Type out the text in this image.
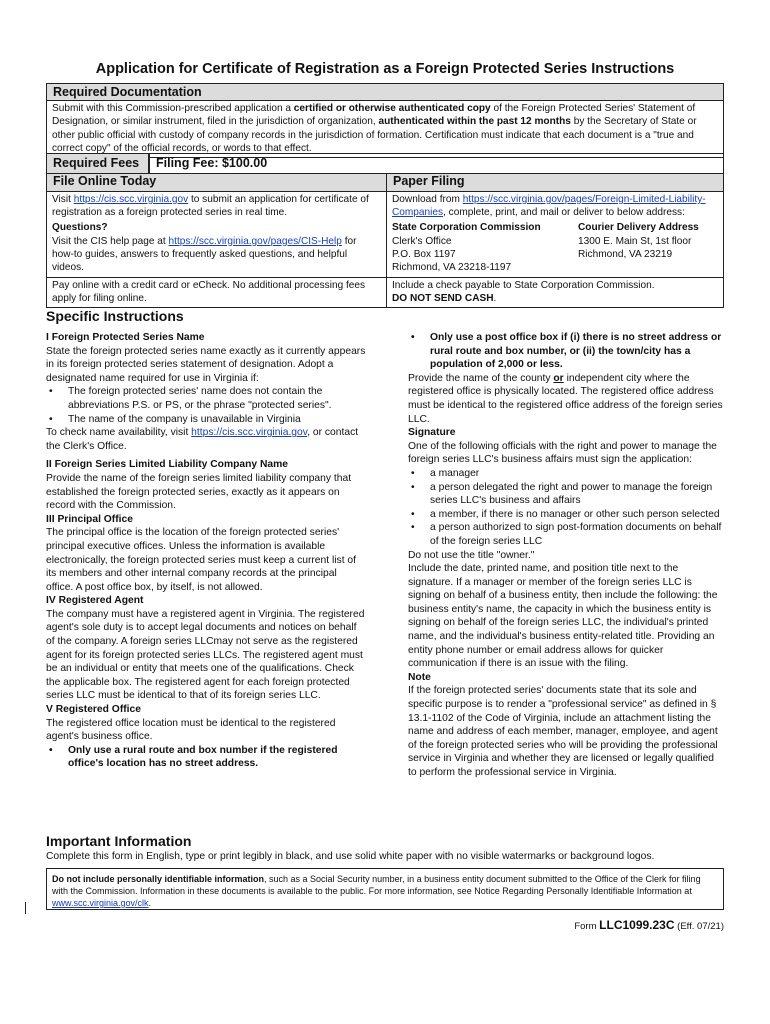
Application for Certificate of Registration as a Foreign Protected Series Instructions
Required Documentation
Submit with this Commission-prescribed application a certified or otherwise authenticated copy of the Foreign Protected Series' Statement of Designation, or similar instrument, filed in the jurisdiction of organization, authenticated within the past 12 months by the Secretary of State or other public official with custody of company records in the jurisdiction of formation. Certification must indicate that each document is a "true and correct copy" of the official records, or words to that effect.
Required Fees	Filing Fee: $100.00
File Online Today
Visit https://cis.scc.virginia.gov to submit an application for certificate of registration as a foreign protected series in real time.
Questions?
Visit the CIS help page at https://scc.virginia.gov/pages/CIS-Help for how-to guides, answers to frequently asked questions, and helpful videos.
Pay online with a credit card or eCheck. No additional processing fees apply for filing online.
Paper Filing
Download from https://scc.virginia.gov/pages/Foreign-Limited-Liability-Companies, complete, print, and mail or deliver to below address:
State Corporation Commission	Courier Delivery Address
Clerk's Office	1300 E. Main St, 1st floor
P.O. Box 1197	Richmond, VA 23219
Richmond, VA 23218-1197
Include a check payable to State Corporation Commission.
DO NOT SEND CASH.
Specific Instructions

I Foreign Protected Series Name

State the foreign protected series name exactly as it currently appears in its foreign protected series statement of designation. Adopt a designated name required for use in Virginia if:

• The foreign protected series' name does not contain the abbreviations P.S. or PS, or the phrase "protected series".

• The name of the company is unavailable in Virginia

To check name availability, visit https://cis.scc.virginia.gov, or contact the Clerk's Office.

II Foreign Series Limited Liability Company Name

Provide the name of the foreign series limited liability company that established the foreign protected series, exactly as it appears on record with the Commission.

III Principal Office

The principal office is the location of the foreign protected series' principal executive offices. Unless the information is available electronically, the foreign protected series must keep a current list of its members and other internal company records at the principal office. A post office box, by itself, is not allowed.

IV Registered Agent

The company must have a registered agent in Virginia. The registered agent's sole duty is to accept legal documents and notices on behalf of the company. A foreign series LLCmay not serve as the registered agent for its foreign protected series LLCs. The registered agent must be an individual or entity that meets one of the qualifications. Check the applicable box. The registered agent for each foreign protected series LLC must be identical to that of its foreign series LLC.

V Registered Office

The registered office location must be identical to the registered agent's business office.

• Only use a rural route and box number if the registered office's location has no street address.

• Only use a post office box if (i) there is no street address or rural route and box number, or (ii) the town/city has a population of 2,000 or less.

Provide the name of the county or independent city where the registered office is physically located. The registered office address must be identical to the registered office address of the foreign series LLC.

Signature

One of the following officials with the right and power to manage the foreign series LLC's business affairs must sign the application:

• a manager

• a person delegated the right and power to manage the foreign series LLC's business and affairs

• a member, if there is no manager or other such person selected

• a person authorized to sign post-formation documents on behalf of the foreign series LLC

Do not use the title "owner."

Include the date, printed name, and position title next to the signature. If a manager or member of the foreign series LLC is signing on behalf of a business entity, then include the following: the business entity's name, the capacity in which the business entity is signing on behalf of the foreign series LLC, the individual's printed name, and the individual's business entity-related title. Providing an entity phone number or email address allows for quicker communication if there is an issue with the filing.

Note

If the foreign protected series' documents state that its sole and specific purpose is to render a "professional service" as defined in § 13.1-1102 of the Code of Virginia, include an attachment listing the name and address of each member, manager, employee, and agent of the foreign protected series who will be providing the professional service in Virginia and whether they are licensed or legally qualified to perform the professional service in Virginia.

Important Information
Complete this form in English, type or print legibly in black, and use solid white paper with no visible watermarks or background logos.
Do not include personally identifiable information, such as a Social Security number, in a business entity document submitted to the Office of the Clerk for filing with the Commission. Information in these documents is available to the public. For more information, see Notice Regarding Personally Identifiable Information at www.scc.virginia.gov/clk.
Form LLC1099.23C (Eff. 07/21)
